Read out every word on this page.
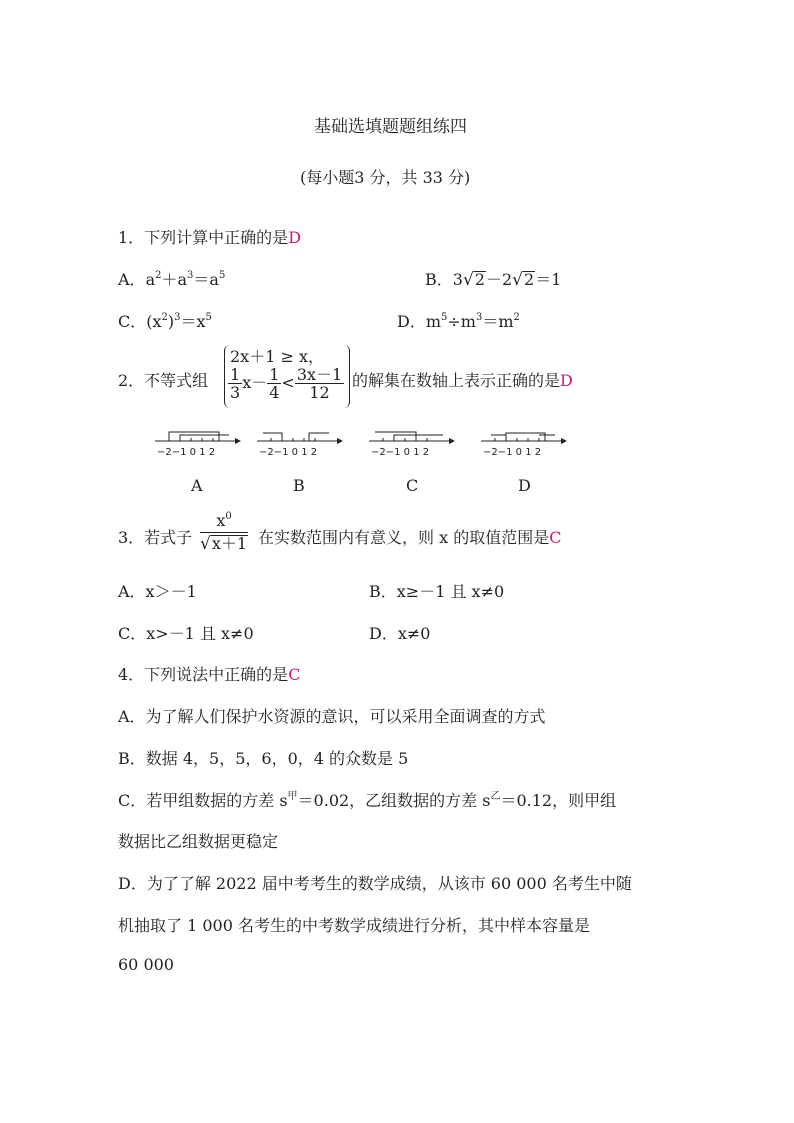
基础选填题题组练四
(每小题3 分，共 33 分)
1．下列计算中正确的是D
A．$a^2+a^3=a^5$	B．3√2－2√2＝1
C．$(x^2)^3=x^5$	D．$m^5\div m^3=m^2$
2．不等式组
2x＋1 ≥ x，
$\frac{1}{3} x- \frac{1}{4} < \frac{3x-1}{12}$ 的解集在数轴上表示正确的是D
−2−1 0 1 2	−2−1 0 1 2	−2−1 0 1 2	−2−1 0 1 2
A	B	C	D
3．若式子 $\frac{x^0}{√x+1}$ 在实数范围内有意义，则 x 的取值范围是C
A．x＞－1	B．x≥－1 且 x≠0
C．x>－1 且 x≠0	D．x≠0
4．下列说法中正确的是C
A．为了解人们保护水资源的意识，可以采用全面调查的方式
B．数据 4，5，5，6，0，4 的众数是 5
C．若甲组数据的方差 $s^甲=0.02$，乙组数据的方差 $s^乙=0.12$，则甲组
数据比乙组数据更稳定
D．为了了解 2022 届中考考生的数学成绩，从该市 60 000 名考生中随
机抽取了 1 000 名考生的中考数学成绩进行分析，其中样本容量是
60 000
